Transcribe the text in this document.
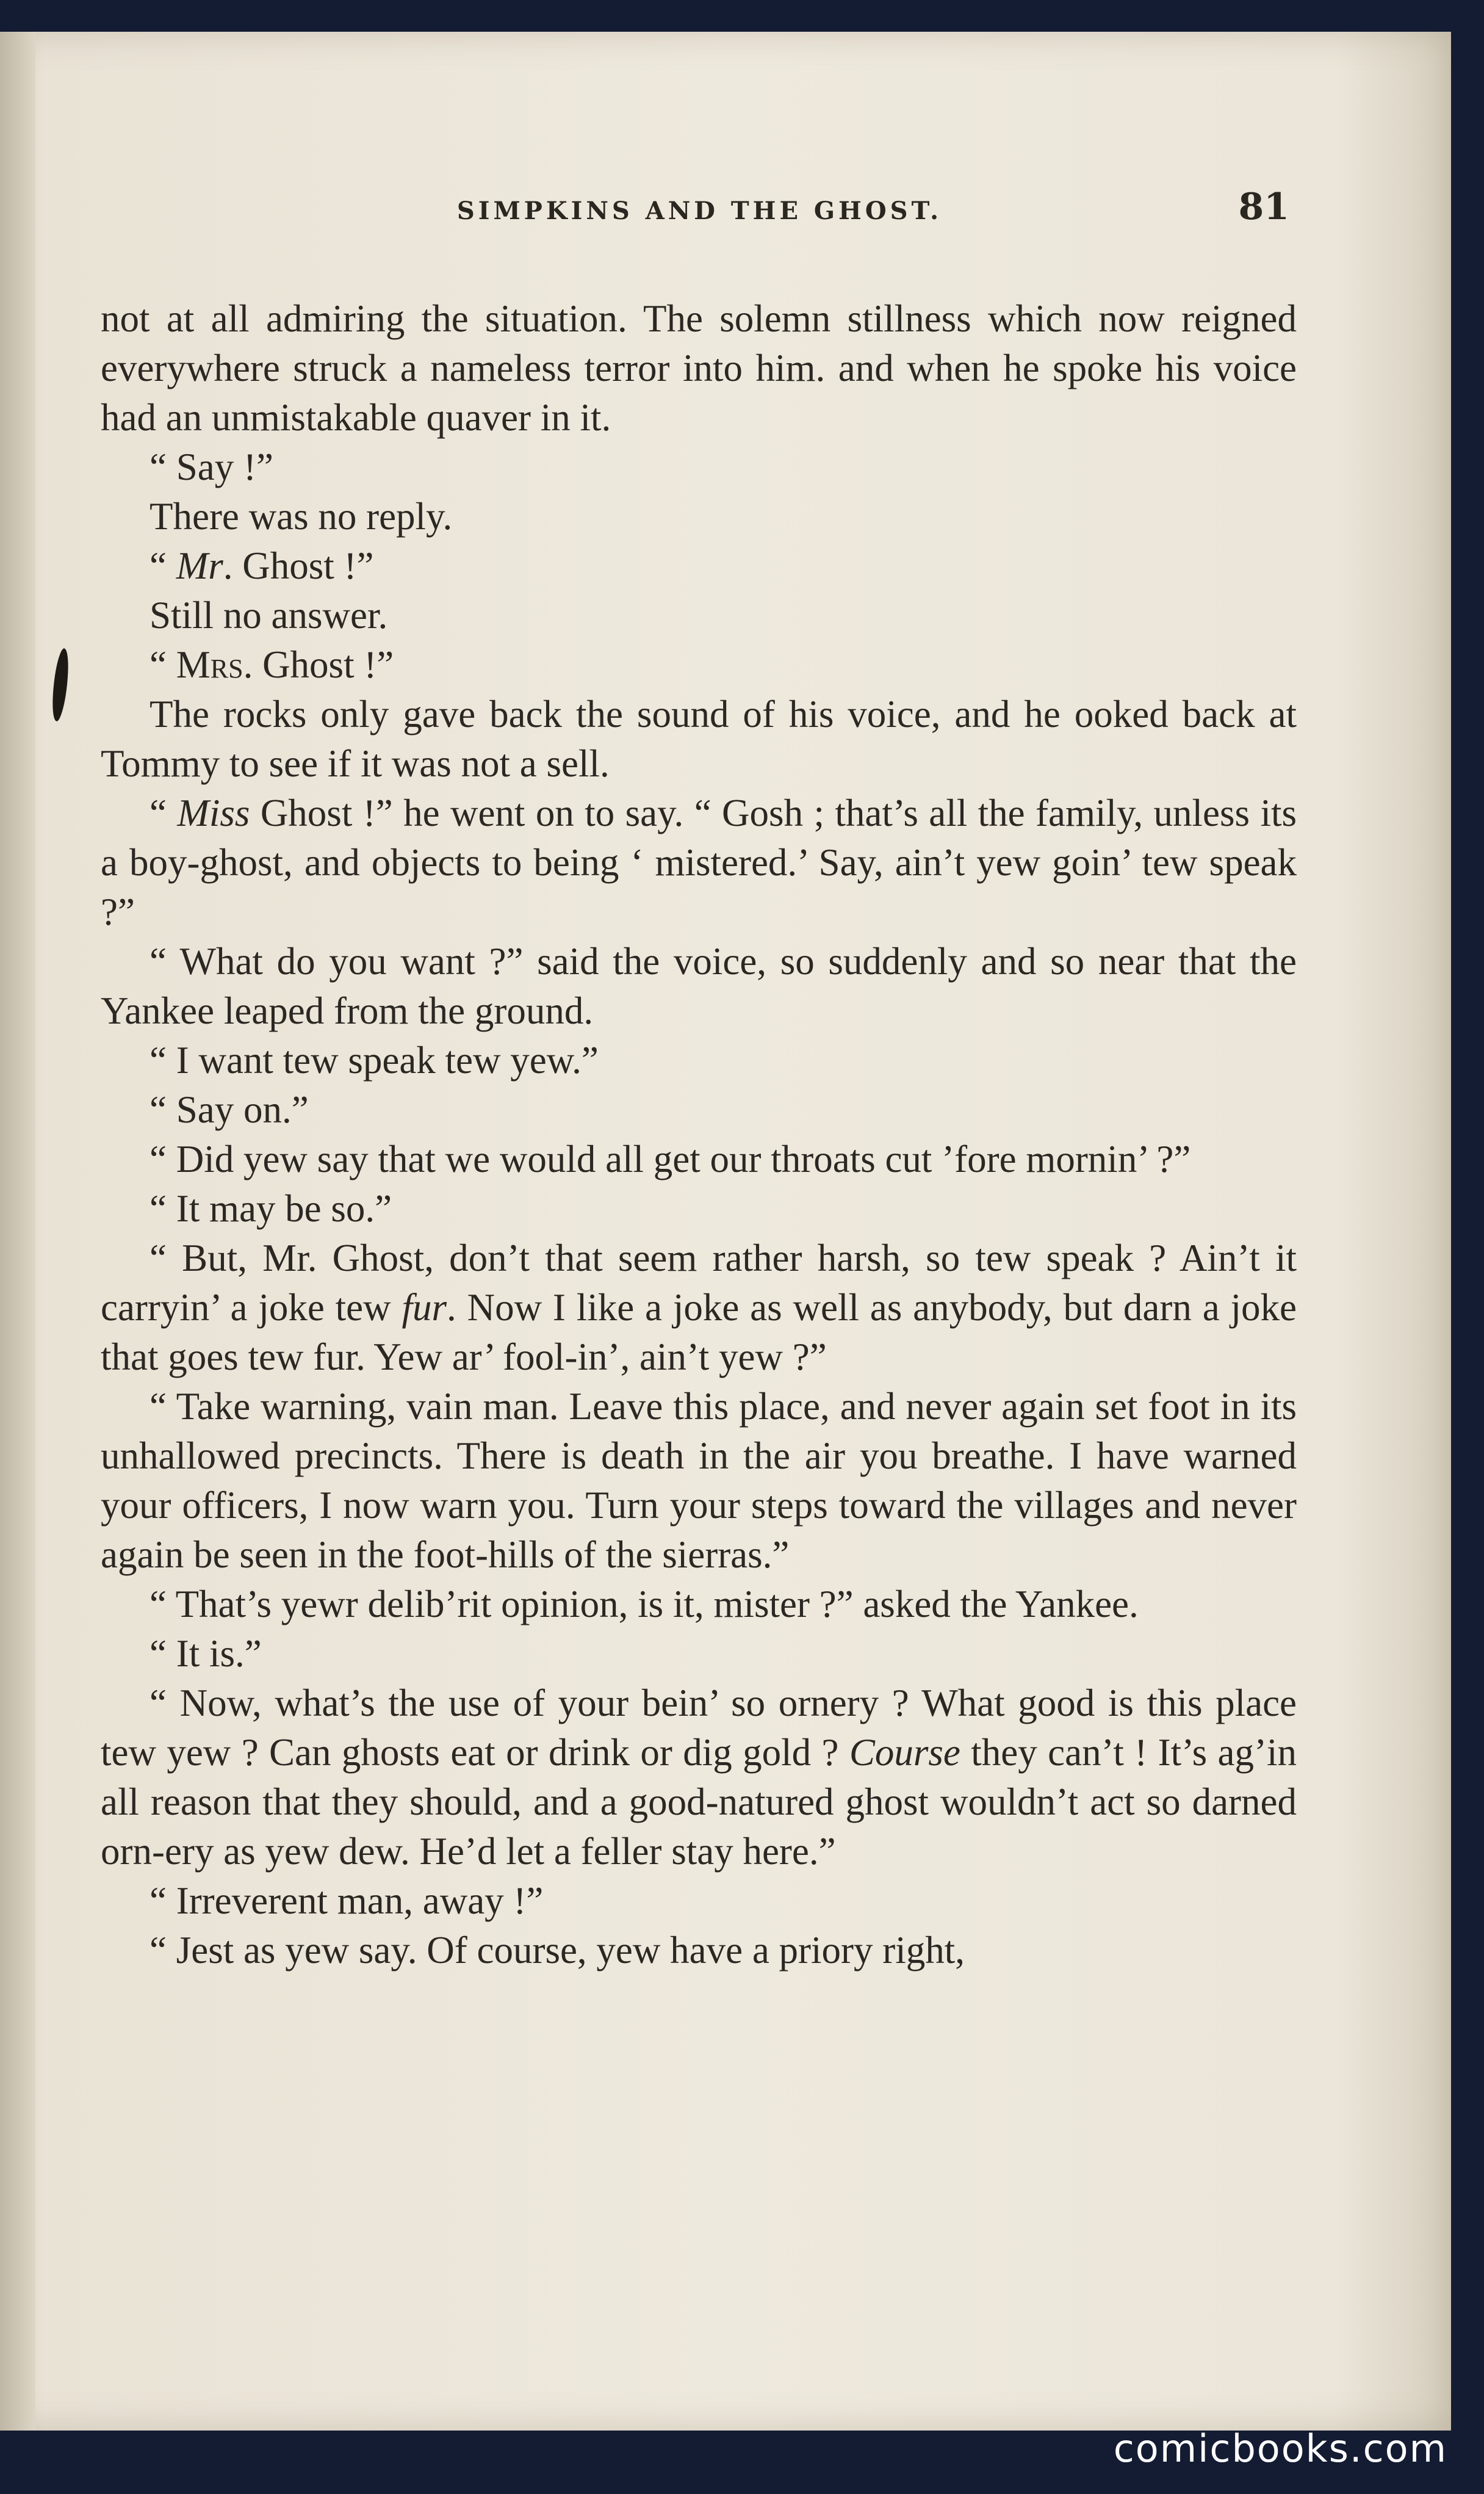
SIMPKINS AND THE GHOST.	81

not at all admiring the situation. The solemn stillness which now reigned everywhere struck a nameless terror into him. and when he spoke his voice had an unmistakable quaver in it.

“ Say !”

There was no reply.

“ Mr. Ghost !”

Still no answer.

“ Mrs. Ghost !”

The rocks only gave back the sound of his voice, and he ooked back at Tommy to see if it was not a sell.

“ Miss Ghost !” he went on to say. “ Gosh ; that’s all the family, unless its a boy-ghost, and objects to being ‘ mistered.’ Say, ain’t yew goin’ tew speak ?”

“ What do you want ?” said the voice, so suddenly and so near that the Yankee leaped from the ground.

“ I want tew speak tew yew.”

“ Say on.”

“ Did yew say that we would all get our throats cut ’fore mornin’ ?”

“ It may be so.”

“ But, Mr. Ghost, don’t that seem rather harsh, so tew speak ? Ain’t it carryin’ a joke tew fur. Now I like a joke as well as anybody, but darn a joke that goes tew fur. Yew ar’ fool-in’, ain’t yew ?”

“ Take warning, vain man. Leave this place, and never again set foot in its unhallowed precincts. There is death in the air you breathe. I have warned your officers, I now warn you. Turn your steps toward the villages and never again be seen in the foot-hills of the sierras.”

“ That’s yewr delib’rit opinion, is it, mister ?” asked the Yankee.

“ It is.”

“ Now, what’s the use of your bein’ so ornery ? What good is this place tew yew ? Can ghosts eat or drink or dig gold ? Course they can’t ! It’s ag’in all reason that they should, and a good-natured ghost wouldn’t act so darned orn-ery as yew dew. He’d let a feller stay here.”

“ Irreverent man, away !”

“ Jest as yew say. Of course, yew have a priory right,

comicbooks.com
